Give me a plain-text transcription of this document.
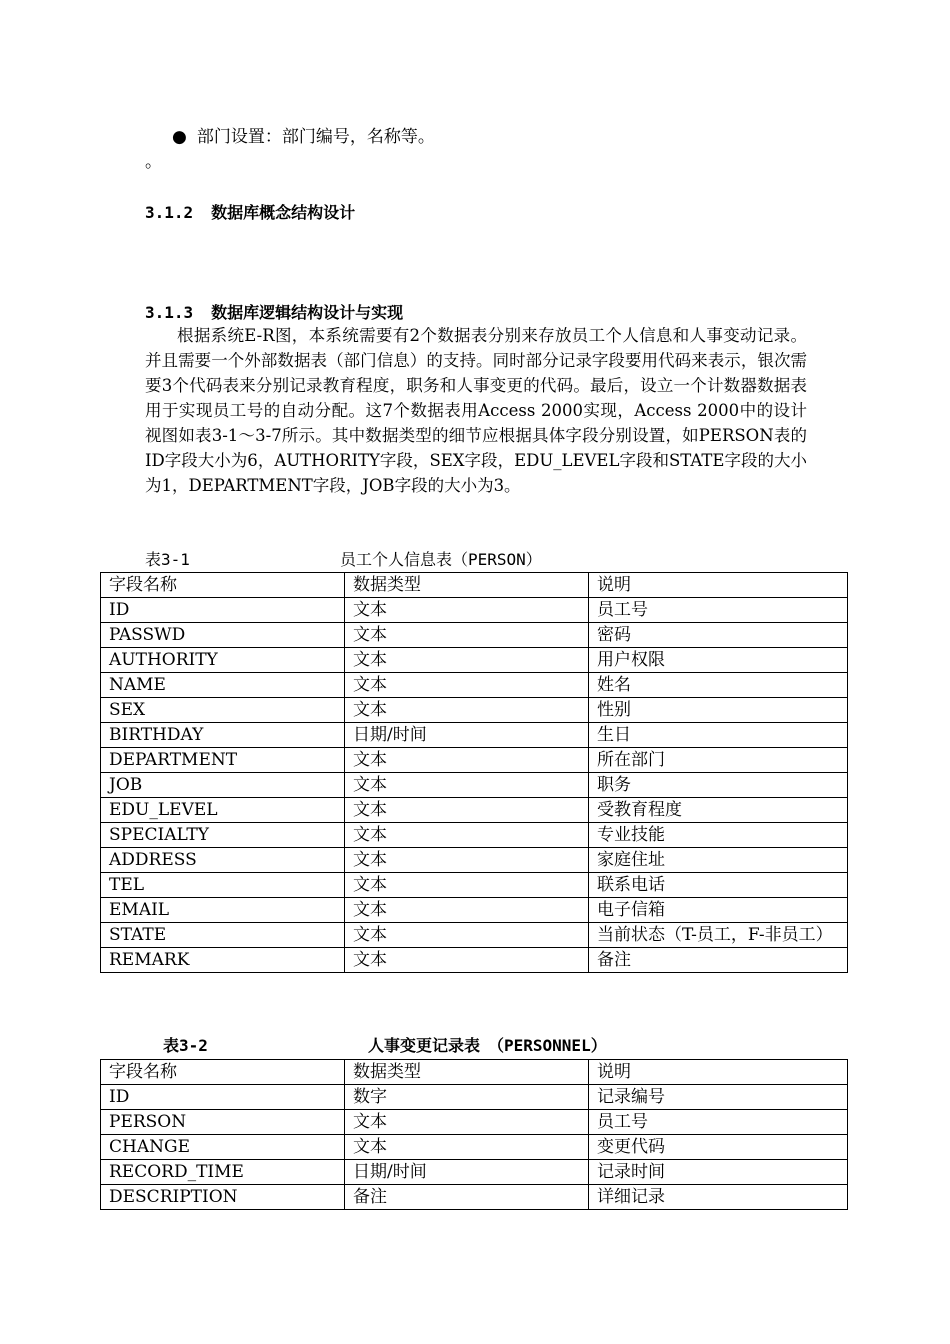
● 部门设置：部门编号，名称等。
。
3.1.2 数据库概念结构设计
3.1.3 数据库逻辑结构设计与实现
根据系统E-R图，本系统需要有2个数据表分别来存放员工个人信息和人事变动记录。并且需要一个外部数据表（部门信息）的支持。同时部分记录字段要用代码来表示，银次需要3个代码表来分别记录教育程度，职务和人事变更的代码。最后，设立一个计数器数据表用于实现员工号的自动分配。这7个数据表用Access 2000实现，Access 2000中的设计视图如表3-1～3-7所示。其中数据类型的细节应根据具体字段分别设置，如PERSON表的ID字段大小为6，AUTHORITY字段，SEX字段，EDU_LEVEL字段和STATE字段的大小为1，DEPARTMENT字段，JOB字段的大小为3。
表3-1	员工个人信息表（PERSON）
字段名称	数据类型	说明
ID	文本	员工号
PASSWD	文本	密码
AUTHORITY	文本	用户权限
NAME	文本	姓名
SEX	文本	性别
BIRTHDAY	日期/时间	生日
DEPARTMENT	文本	所在部门
JOB	文本	职务
EDU_LEVEL	文本	受教育程度
SPECIALTY	文本	专业技能
ADDRESS	文本	家庭住址
TEL	文本	联系电话
EMAIL	文本	电子信箱
STATE	文本	当前状态（T-员工，F-非员工）
REMARK	文本	备注
表3-2	人事变更记录表　（PERSONNEL）
字段名称	数据类型	说明
ID	数字	记录编号
PERSON	文本	员工号
CHANGE	文本	变更代码
RECORD_TIME	日期/时间	记录时间
DESCRIPTION	备注	详细记录
